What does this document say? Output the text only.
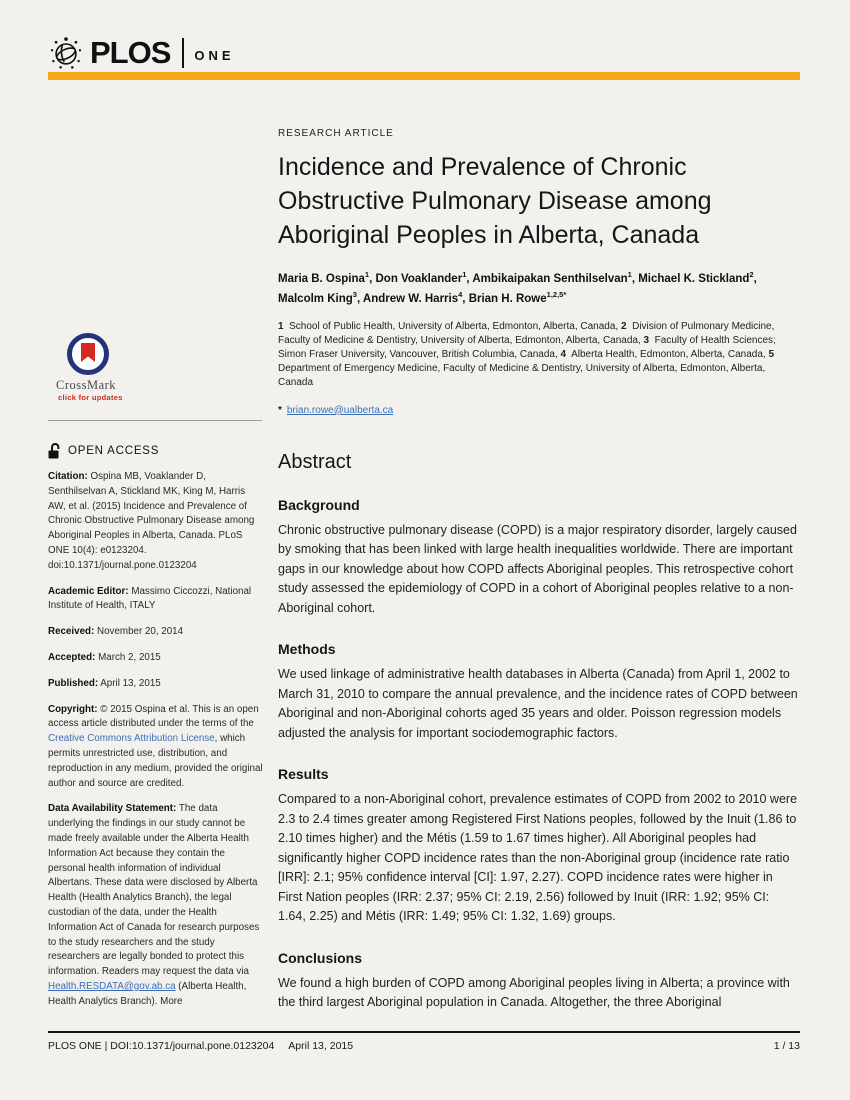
PLOS ONE
RESEARCH ARTICLE
Incidence and Prevalence of Chronic
Obstructive Pulmonary Disease among
Aboriginal Peoples in Alberta, Canada
Maria B. Ospina$^1$, Don Voaklander$^1$, Ambikaipakan Senthilselvan$^1$, Michael K. Stickland$^2$, Malcolm King$^3$, Andrew W. Harris$^4$, Brian H. Rowe$^{1,2,5*}$
1  School of Public Health, University of Alberta, Edmonton, Alberta, Canada, 2  Division of Pulmonary Medicine, Faculty of Medicine & Dentistry, University of Alberta, Edmonton, Alberta, Canada, 3  Faculty of Health Sciences; Simon Fraser University, Vancouver, British Columbia, Canada, 4  Alberta Health, Edmonton, Alberta, Canada, 5  Department of Emergency Medicine, Faculty of Medicine & Dentistry, University of Alberta, Edmonton, Alberta, Canada
* brian.rowe@ualberta.ca
Abstract
Background

Chronic obstructive pulmonary disease (COPD) is a major respiratory disorder, largely caused by smoking that has been linked with large health inequalities worldwide. There are important gaps in our knowledge about how COPD affects Aboriginal peoples. This retrospective cohort study assessed the epidemiology of COPD in a cohort of Aboriginal peoples relative to a non-Aboriginal cohort.

Methods

We used linkage of administrative health databases in Alberta (Canada) from April 1, 2002 to March 31, 2010 to compare the annual prevalence, and the incidence rates of COPD between Aboriginal and non-Aboriginal cohorts aged 35 years and older. Poisson regression models adjusted the analysis for important sociodemographic factors.

Results

Compared to a non-Aboriginal cohort, prevalence estimates of COPD from 2002 to 2010 were 2.3 to 2.4 times greater among Registered First Nations peoples, followed by the Inuit (1.86 to 2.10 times higher) and the Métis (1.59 to 1.67 times higher). All Aboriginal peoples had significantly higher COPD incidence rates than the non-Aboriginal group (incidence rate ratio [IRR]: 2.1; 95% confidence interval [CI]: 1.97, 2.27). COPD incidence rates were higher in First Nation peoples (IRR: 2.37; 95% CI: 2.19, 2.56) followed by Inuit (IRR: 1.92; 95% CI: 1.64, 2.25) and Métis (IRR: 1.49; 95% CI: 1.32, 1.69) groups.

Conclusions

We found a high burden of COPD among Aboriginal peoples living in Alberta; a province with the third largest Aboriginal population in Canada. Altogether, the three Aboriginal

CrossMark
click for updates
OPEN ACCESS

Citation: Ospina MB, Voaklander D, Senthilselvan A, Stickland MK, King M, Harris AW, et al. (2015) Incidence and Prevalence of Chronic Obstructive Pulmonary Disease among Aboriginal Peoples in Alberta, Canada. PLoS ONE 10(4): e0123204. doi:10.1371/journal.pone.0123204

Academic Editor: Massimo Ciccozzi, National Institute of Health, ITALY

Received: November 20, 2014

Accepted: March 2, 2015

Published: April 13, 2015

Copyright: © 2015 Ospina et al. This is an open access article distributed under the terms of the Creative Commons Attribution License, which permits unrestricted use, distribution, and reproduction in any medium, provided the original author and source are credited.

Data Availability Statement: The data underlying the findings in our study cannot be made freely available under the Alberta Health Information Act because they contain the personal health information of individual Albertans. These data were disclosed by Alberta Health (Health Analytics Branch), the legal custodian of the data, under the Health Information Act of Canada for research purposes to the study researchers and the study researchers are legally bonded to protect this information. Readers may request the data via Health.RESDATA@gov.ab.ca (Alberta Health, Health Analytics Branch). More

PLOS ONE | DOI:10.1371/journal.pone.0123204 April 13, 2015	1 / 13
